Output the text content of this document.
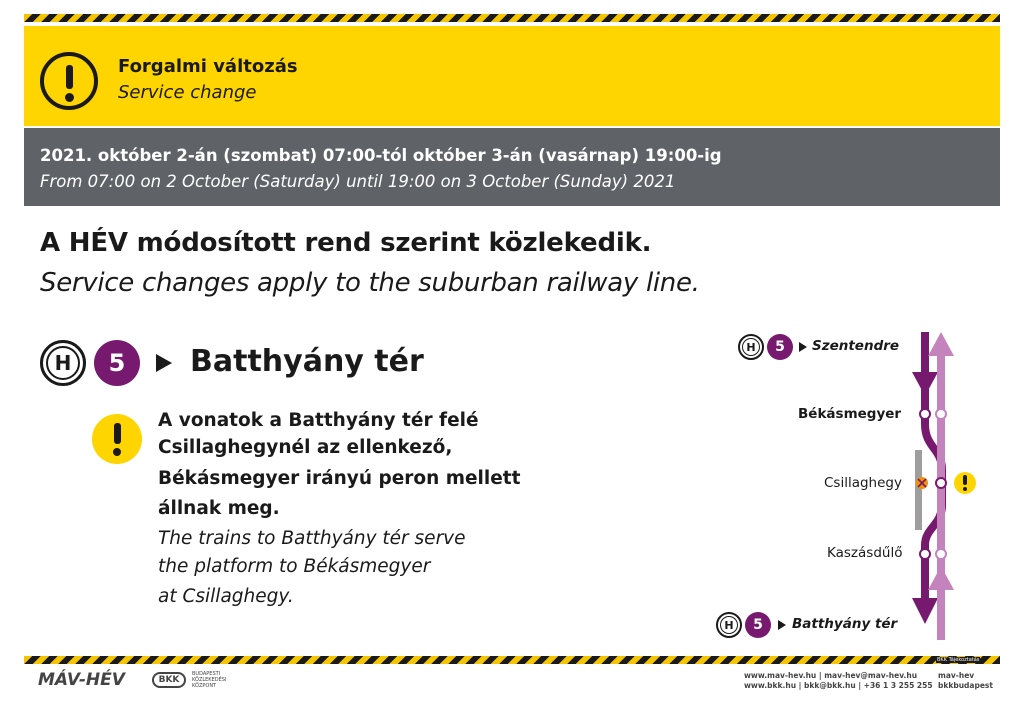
Forgalmi változás
Service change
2021. október 2-án (szombat) 07:00-tól október 3-án (vasárnap) 19:00-ig
From 07:00 on 2 October (Saturday) until 19:00 on 3 October (Sunday) 2021
A HÉV módosított rend szerint közlekedik.
Service changes apply to the suburban railway line.
H 5 Batthyány tér
A vonatok a Batthyány tér felé
Csillaghegynél az ellenkező,
Békásmegyer irányú peron mellett
állnak meg.
The trains to Batthyány tér serve
the platform to Békásmegyer
at Csillaghegy.
H 5 Szentendre
Békásmegyer
Csillaghegy
Kaszásdűlő
H 5 Batthyány tér
BKK Tájékoztatás
MÁV-HÉV	BKK
BUDAPESTI KÖZLEKEDÉSI KÖZPONT
www.mav-hev.hu | mav-hev@mav-hev.hu
www.bkk.hu | bkk@bkk.hu | +36 1 3 255 255
mav-hev
bkkbudapest
